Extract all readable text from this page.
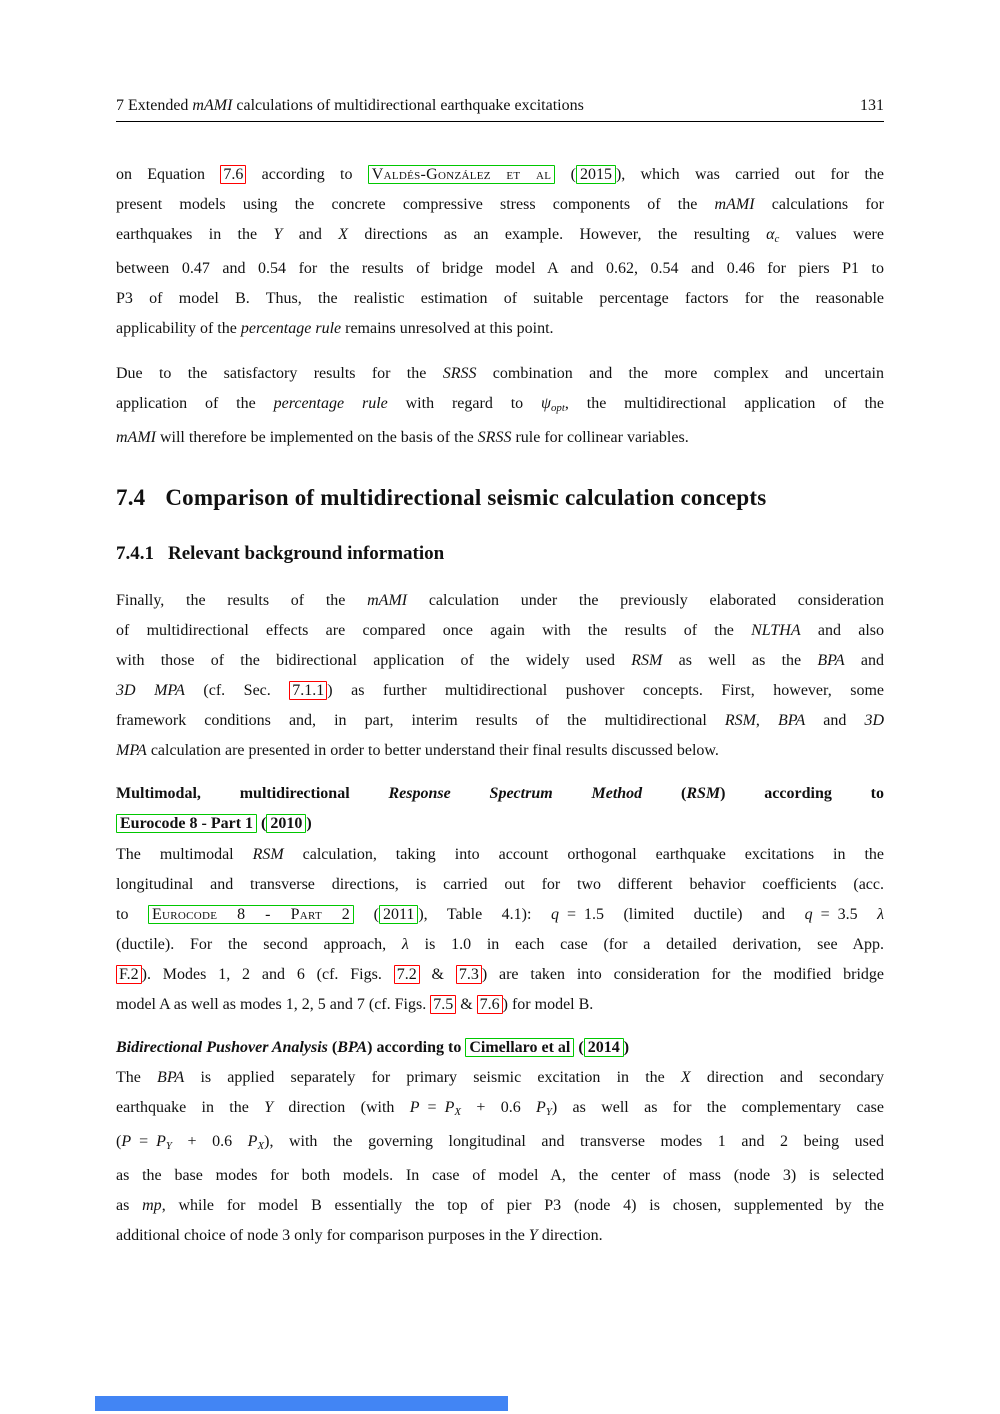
7 Extended mAMI calculations of multidirectional earthquake excitations	131
on Equation 7.6 according to Valdés-González et al ( 2015 ), which was carried out for the
present models using the concrete compressive stress components of the mAMI calculations for
earthquakes in the Y and X directions as an example. However, the resulting αc values were
between 0.47 and 0.54 for the results of bridge model A and 0.62, 0.54 and 0.46 for piers P1 to
P3 of model B. Thus, the realistic estimation of suitable percentage factors for the reasonable
applicability of the percentage rule remains unresolved at this point.
Due to the satisfactory results for the SRSS combination and the more complex and uncertain
application of the percentage rule with regard to ψopt, the multidirectional application of the
mAMI will therefore be implemented on the basis of the SRSS rule for collinear variables.
7.4 Comparison of multidirectional seismic calculation concepts
7.4.1 Relevant background information
Finally, the results of the mAMI calculation under the previously elaborated consideration
of multidirectional effects are compared once again with the results of the NLTHA and also
with those of the bidirectional application of the widely used RSM as well as the BPA and
3D MPA (cf. Sec. 7.1.1 ) as further multidirectional pushover concepts. First, however, some
framework conditions and, in part, interim results of the multidirectional RSM, BPA and 3D
MPA calculation are presented in order to better understand their final results discussed below.
Multimodal, multidirectional Response Spectrum Method (RSM) according to
Eurocode 8 - Part 1 ( 2010 )
The multimodal RSM calculation, taking into account orthogonal earthquake excitations in the
longitudinal and transverse directions, is carried out for two different behavior coefficients (acc.
to Eurocode 8 - Part 2 ( 2011 ), Table 4.1): q = 1.5 (limited ductile) and q = 3.5 λ
(ductile). For the second approach, λ is 1.0 in each case (for a detailed derivation, see App.
F.2 ). Modes 1, 2 and 6 (cf. Figs. 7.2 & 7.3 ) are taken into consideration for the modified bridge
model A as well as modes 1, 2, 5 and 7 (cf. Figs. 7.5 & 7.6 ) for model B.
Bidirectional Pushover Analysis (BPA) according to Cimellaro et al ( 2014 )
The BPA is applied separately for primary seismic excitation in the X direction and secondary
earthquake in the Y direction (with P = PX + 0.6 PY) as well as for the complementary case
(P = PY + 0.6 PX), with the governing longitudinal and transverse modes 1 and 2 being used
as the base modes for both models. In case of model A, the center of mass (node 3) is selected
as mp, while for model B essentially the top of pier P3 (node 4) is chosen, supplemented by the
additional choice of node 3 only for comparison purposes in the Y direction.
